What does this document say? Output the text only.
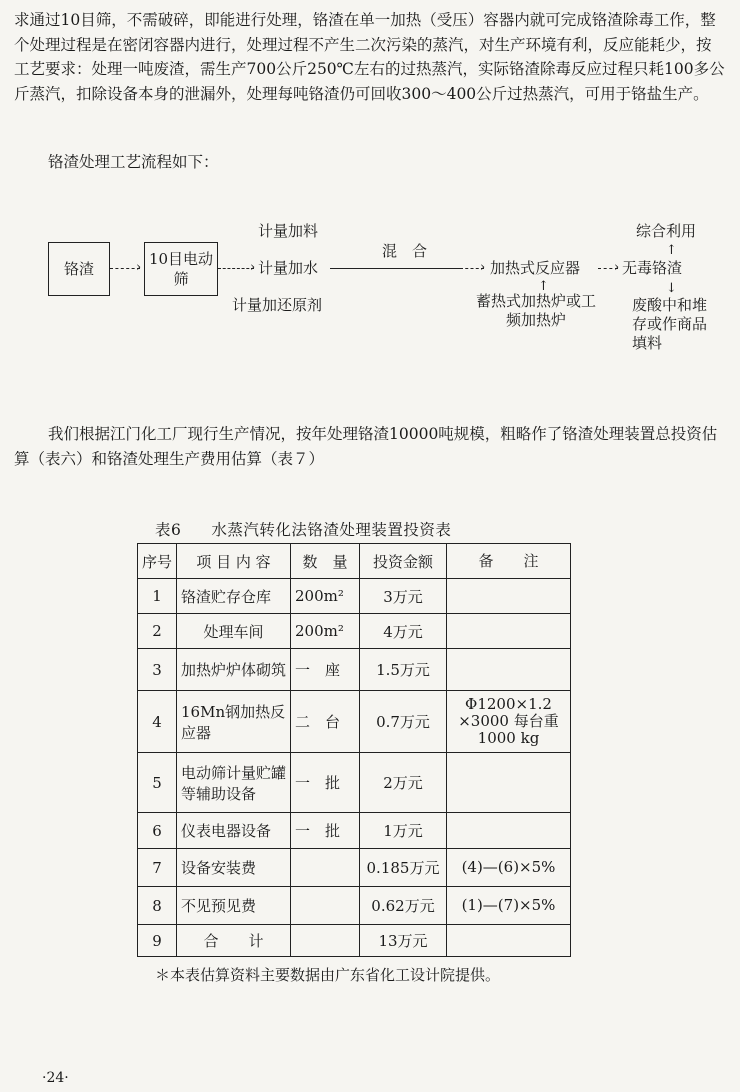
求通过10目筛，不需破碎，即能进行处理，铬渣在单一加热（受压）容器内就可完成铬渣除毒工作，整个处理过程是在密闭容器内进行，处理过程不产生二次污染的蒸汽，对生产环境有利，反应能耗少，按工艺要求：处理一吨废渣，需生产700公斤250℃左右的过热蒸汽，实际铬渣除毒反应过程只耗100多公斤蒸汽，扣除设备本身的泄漏外，处理每吨铬渣仍可回收300～400公斤过热蒸汽，可用于铬盐生产。

铬渣处理工艺流程如下：

铬渣	› 10目电动筛
›
计量加料
计量加水
计量加还原剂
混　合
› 加热式反应器
↑
蓄热式加热炉或工频加热炉
›
综合利用
↑
无毒铬渣
↓
废酸中和堆存或作商品填料

我们根据江门化工厂现行生产情况，按年处理铬渣10000吨规模，粗略作了铬渣处理装置总投资估算（表六）和铬渣处理生产费用估算（表７）

表6 水蒸汽转化法铬渣处理装置投资表
序号	项 目 内 容	数　量	投资金额	备　　注
1	铬渣贮存仓库	200m²	3万元	
2	处理车间	200m²	4万元	
3	加热炉炉体砌筑	一　座	1.5万元	
4	16Mn钢加热反应器	二　台	0.7万元	Φ1200×1.2 ×3000 每台重1000 kg
5	电动筛计量贮罐等辅助设备	一　批	2万元	
6	仪表电器设备	一　批	1万元	
7	设备安装费		0.185万元	(4)—(6)×5%
8	不见预见费		0.62万元	(1)—(7)×5%
9	合　　计		13万元	
＊本表估算资料主要数据由广东省化工设计院提供。
·24·
